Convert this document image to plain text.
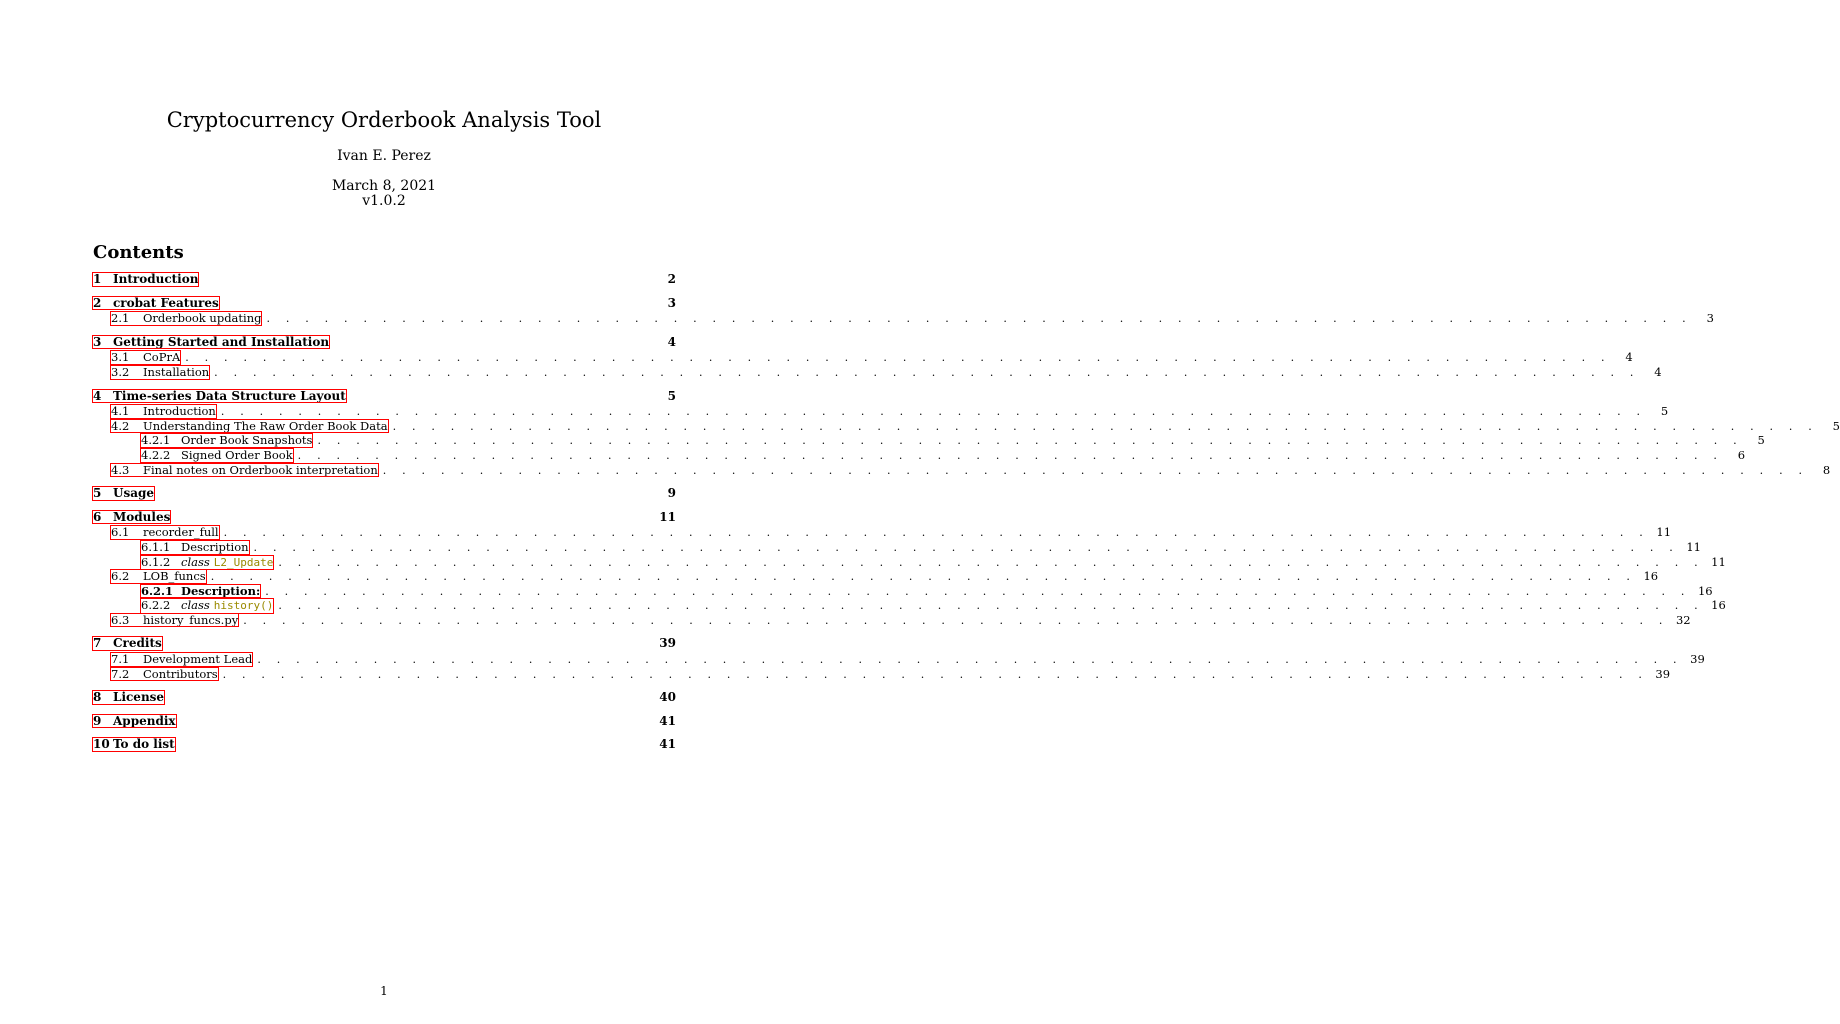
Cryptocurrency Orderbook Analysis Tool
Ivan E. Perez
March 8, 2021
v1.0.2
Contents
1 Introduction	2
2 crobat Features	3
2.1	Orderbook updating . . . . . . . . . . . . . . . . . . . . . . . . . . . . . . . . . . . . . . . . . . . . . . . . . . . . . . . . . . . . . . . . . . . . . . . . . .	3
3 Getting Started and Installation	4
3.1	CoPrA . . . . . . . . . . . . . . . . . . . . . . . . . . . . . . . . . . . . . . . . . . . . . . . . . . . . . . . . . . . . . . . . . . . . . . . . . .	4
3.2	Installation . . . . . . . . . . . . . . . . . . . . . . . . . . . . . . . . . . . . . . . . . . . . . . . . . . . . . . . . . . . . . . . . . . . . . . . . . .	4
4 Time-series Data Structure Layout	5
4.1	Introduction . . . . . . . . . . . . . . . . . . . . . . . . . . . . . . . . . . . . . . . . . . . . . . . . . . . . . . . . . . . . . . . . . . . . . . . . . .	5
4.2	Understanding The Raw Order Book Data . . . . . . . . . . . . . . . . . . . . . . . . . . . . . . . . . . . . . . . . . . . . . . . . . . . . . . . . . . . . . . . . . . . . . . . . . .	5
4.2.1 Order Book Snapshots . . . . . . . . . . . . . . . . . . . . . . . . . . . . . . . . . . . . . . . . . . . . . . . . . . . . . . . . . . . . . . . . . . . . . . . . . .	5
4.2.2 Signed Order Book . . . . . . . . . . . . . . . . . . . . . . . . . . . . . . . . . . . . . . . . . . . . . . . . . . . . . . . . . . . . . . . . . . . . . . . . . .	6
4.3	Final notes on Orderbook interpretation . . . . . . . . . . . . . . . . . . . . . . . . . . . . . . . . . . . . . . . . . . . . . . . . . . . . . . . . . . . . . . . . . . . . . . . . . .	8
5 Usage	9
6 Modules	11
6.1	recorder_full . . . . . . . . . . . . . . . . . . . . . . . . . . . . . . . . . . . . . . . . . . . . . . . . . . . . . . . . . . . . . . . . . . . . . . . . . . 11
6.1.1 Description . . . . . . . . . . . . . . . . . . . . . . . . . . . . . . . . . . . . . . . . . . . . . . . . . . . . . . . . . . . . . . . . . . . . . . . . . . 11
6.1.2 class L2_Update . . . . . . . . . . . . . . . . . . . . . . . . . . . . . . . . . . . . . . . . . . . . . . . . . . . . . . . . . . . . . . . . . . . . . . . . . . 11
6.2	LOB_funcs . . . . . . . . . . . . . . . . . . . . . . . . . . . . . . . . . . . . . . . . . . . . . . . . . . . . . . . . . . . . . . . . . . . . . . . . . . 16
6.2.1 Description: . . . . . . . . . . . . . . . . . . . . . . . . . . . . . . . . . . . . . . . . . . . . . . . . . . . . . . . . . . . . . . . . . . . . . . . . . . 16
6.2.2 class history() . . . . . . . . . . . . . . . . . . . . . . . . . . . . . . . . . . . . . . . . . . . . . . . . . . . . . . . . . . . . . . . . . . . . . . . . . . 16
6.3	history_funcs.py . . . . . . . . . . . . . . . . . . . . . . . . . . . . . . . . . . . . . . . . . . . . . . . . . . . . . . . . . . . . . . . . . . . . . . . . . . 32
7 Credits	39
7.1	Development Lead . . . . . . . . . . . . . . . . . . . . . . . . . . . . . . . . . . . . . . . . . . . . . . . . . . . . . . . . . . . . . . . . . . . . . . . . . . 39
7.2	Contributors . . . . . . . . . . . . . . . . . . . . . . . . . . . . . . . . . . . . . . . . . . . . . . . . . . . . . . . . . . . . . . . . . . . . . . . . . . 39
8 License	40
9 Appendix	41
10 To do list	41
1
